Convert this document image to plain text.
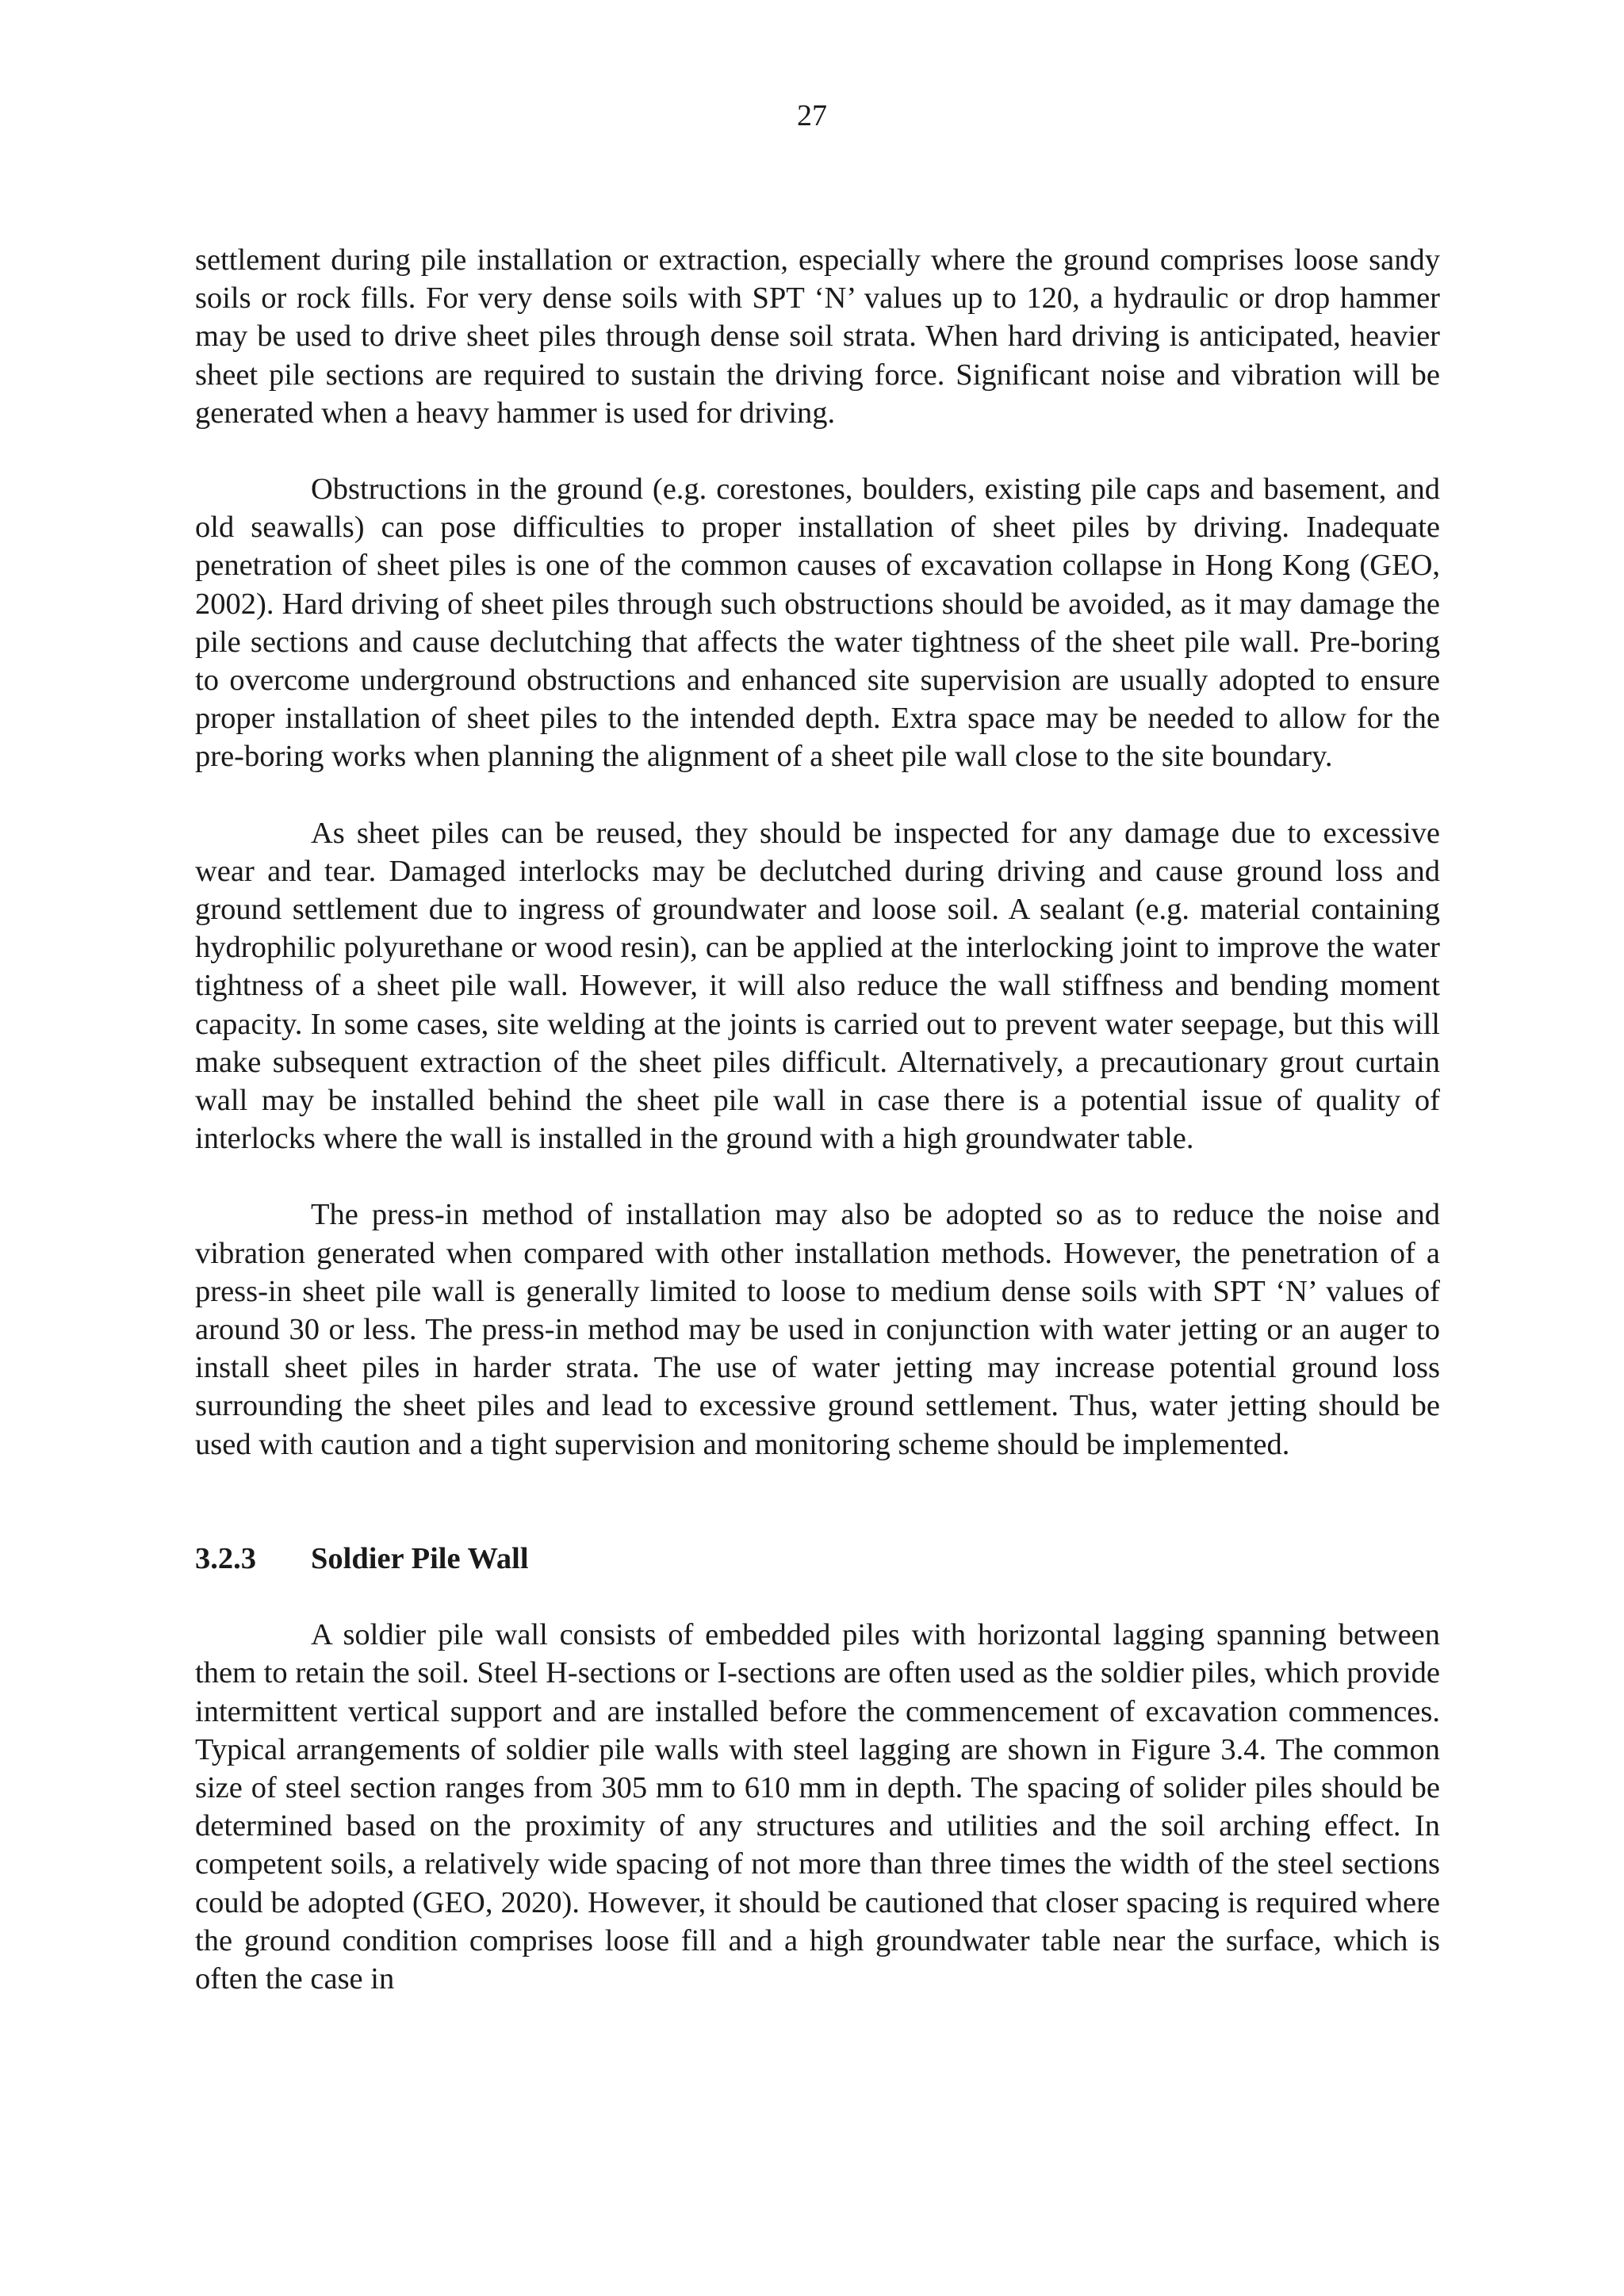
27

settlement during pile installation or extraction, especially where the ground comprises loose sandy soils or rock fills. For very dense soils with SPT ‘N’ values up to 120, a hydraulic or drop hammer may be used to drive sheet piles through dense soil strata. When hard driving is anticipated, heavier sheet pile sections are required to sustain the driving force. Significant noise and vibration will be generated when a heavy hammer is used for driving.

Obstructions in the ground (e.g. corestones, boulders, existing pile caps and basement, and old seawalls) can pose difficulties to proper installation of sheet piles by driving. Inadequate penetration of sheet piles is one of the common causes of excavation collapse in Hong Kong (GEO, 2002). Hard driving of sheet piles through such obstructions should be avoided, as it may damage the pile sections and cause declutching that affects the water tightness of the sheet pile wall. Pre-boring to overcome underground obstructions and enhanced site supervision are usually adopted to ensure proper installation of sheet piles to the intended depth. Extra space may be needed to allow for the pre-boring works when planning the alignment of a sheet pile wall close to the site boundary.

As sheet piles can be reused, they should be inspected for any damage due to excessive wear and tear. Damaged interlocks may be declutched during driving and cause ground loss and ground settlement due to ingress of groundwater and loose soil. A sealant (e.g. material containing hydrophilic polyurethane or wood resin), can be applied at the interlocking joint to improve the water tightness of a sheet pile wall. However, it will also reduce the wall stiffness and bending moment capacity. In some cases, site welding at the joints is carried out to prevent water seepage, but this will make subsequent extraction of the sheet piles difficult. Alternatively, a precautionary grout curtain wall may be installed behind the sheet pile wall in case there is a potential issue of quality of interlocks where the wall is installed in the ground with a high groundwater table.

The press-in method of installation may also be adopted so as to reduce the noise and vibration generated when compared with other installation methods. However, the penetration of a press-in sheet pile wall is generally limited to loose to medium dense soils with SPT ‘N’ values of around 30 or less. The press-in method may be used in conjunction with water jetting or an auger to install sheet piles in harder strata. The use of water jetting may increase potential ground loss surrounding the sheet piles and lead to excessive ground settlement. Thus, water jetting should be used with caution and a tight supervision and monitoring scheme should be implemented.

3.2.3	Soldier Pile Wall

A soldier pile wall consists of embedded piles with horizontal lagging spanning between them to retain the soil. Steel H-sections or I-sections are often used as the soldier piles, which provide intermittent vertical support and are installed before the commencement of excavation commences. Typical arrangements of soldier pile walls with steel lagging are shown in Figure 3.4. The common size of steel section ranges from 305 mm to 610 mm in depth. The spacing of solider piles should be determined based on the proximity of any structures and utilities and the soil arching effect. In competent soils, a relatively wide spacing of not more than three times the width of the steel sections could be adopted (GEO, 2020). However, it should be cautioned that closer spacing is required where the ground condition comprises loose fill and a high groundwater table near the surface, which is often the case in
